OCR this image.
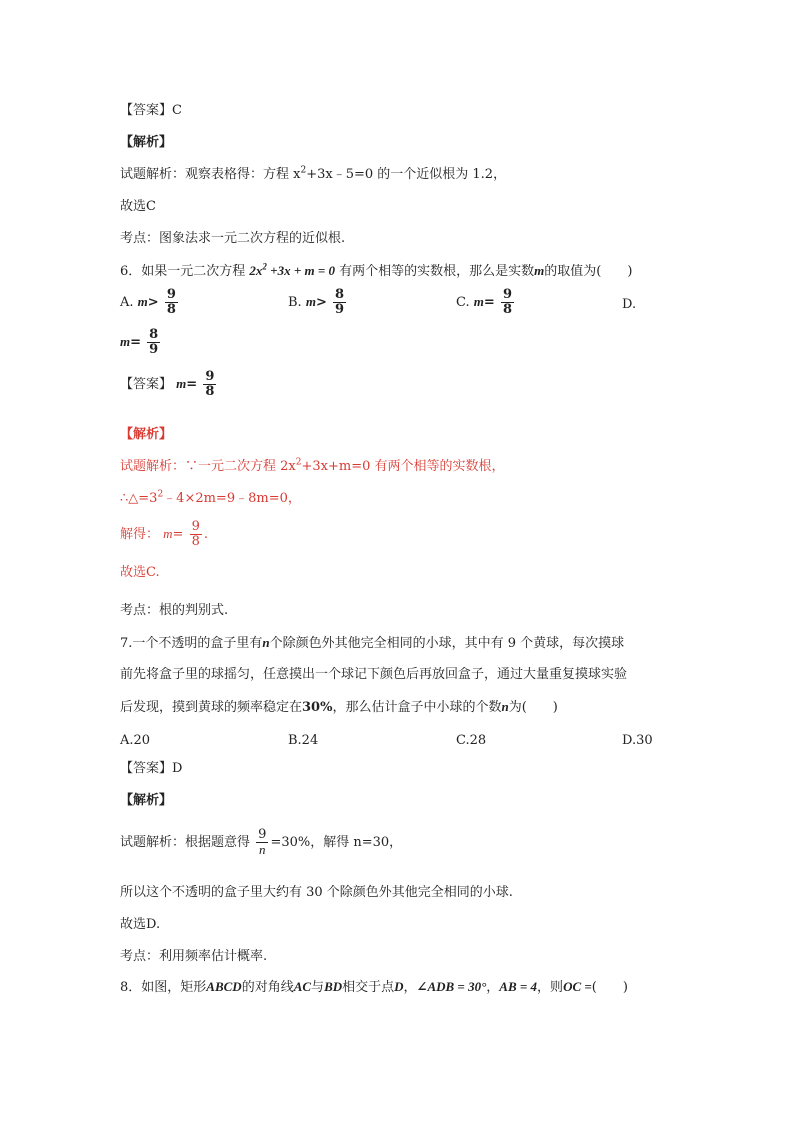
【答案】C
【解析】
试题解析：观察表格得：方程 $x^2+3x﹣5=0$ 的一个近似根为 1.2，
故选C
考点：图象法求一元二次方程的近似根.
6．如果一元二次方程 $2x^2 +3x + m = 0$ 有两个相等的实数根，那么是实数m的取值为(　　)
A. $m> \frac{9}{8}$	B. $m> \frac{8}{9}$	C. $m= \frac{9}{8}$	D.
$m= \frac{8}{9}$
【答案】 $m= \frac{9}{8}$
【解析】
试题解析：∵一元二次方程 $2x^2+3x+m=0$ 有两个相等的实数根，
$\therefore\triangle=3^2﹣4\times 2m=9﹣8m=0$，
解得： $m= \frac{9}{8}$ .
故选C.
考点：根的判别式.
7.一个不透明的盒子里有n个除颜色外其他完全相同的小球，其中有 9 个黄球，每次摸球
前先将盒子里的球摇匀，任意摸出一个球记下颜色后再放回盒子，通过大量重复摸球实验
后发现，摸到黄球的频率稳定在30%，那么估计盒子中小球的个数n为(　　)
A.20	B.24	C.28	D.30
【答案】D
【解析】
试题解析：根据题意得 $\frac{9}{n} =30\%$，解得 n=30，
所以这个不透明的盒子里大约有 30 个除颜色外其他完全相同的小球.
故选D.
考点：利用频率估计概率.
8．如图，矩形ABCD的对角线AC与BD相交于点D，∠ADB = 30°，AB = 4，则OC =(　　)
